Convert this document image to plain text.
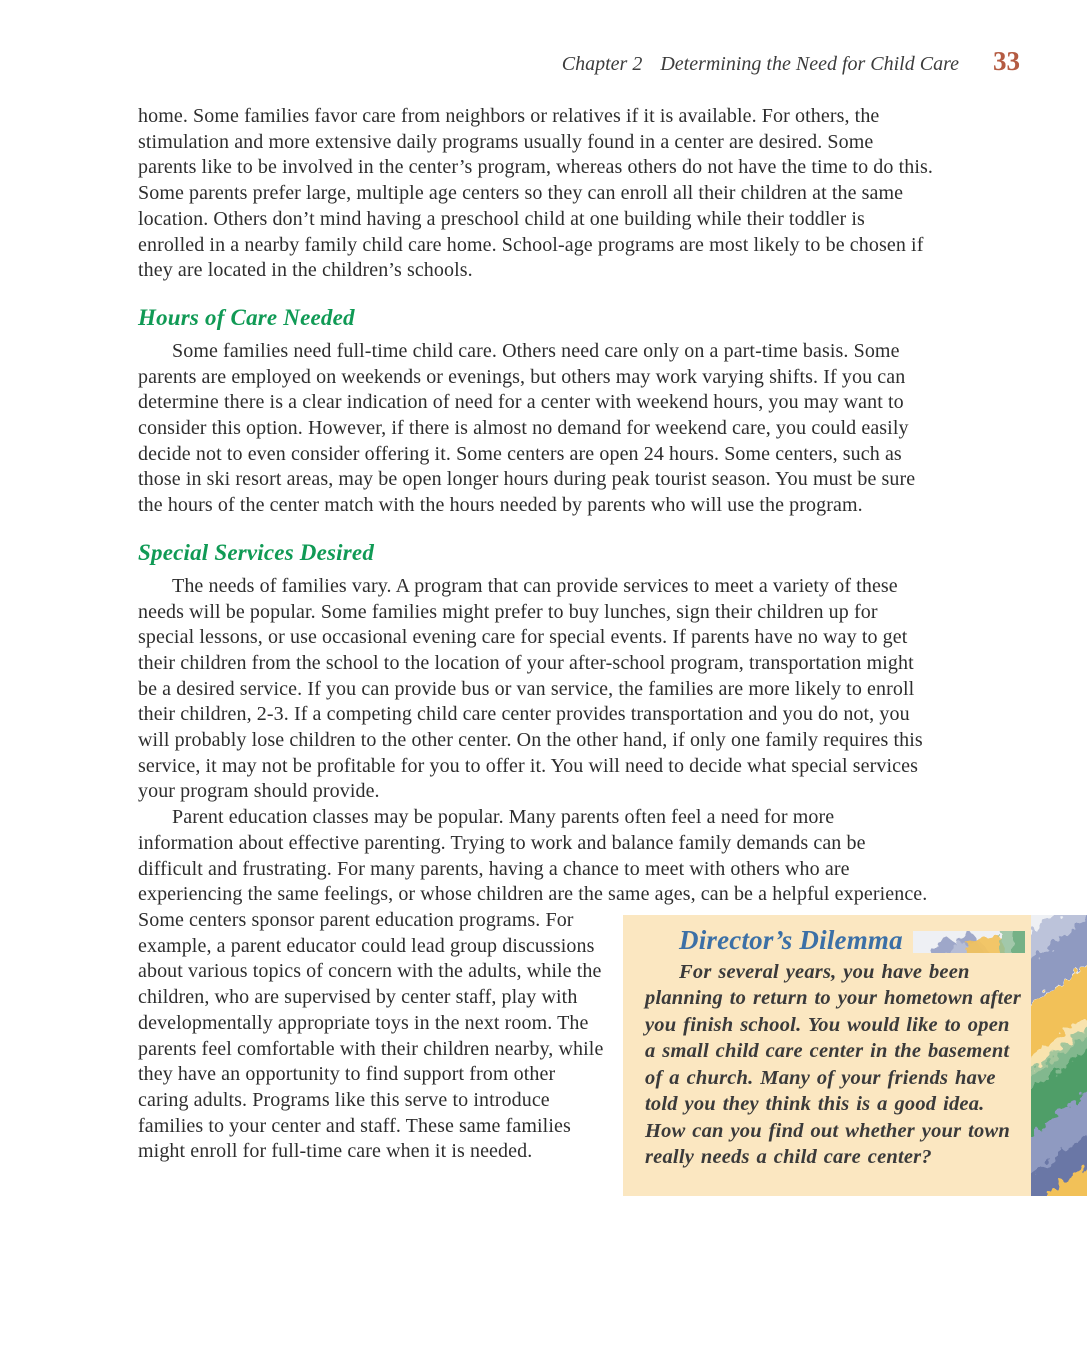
Chapter 2 Determining the Need for Child Care 33

home. Some families favor care from neighbors or relatives if it is available. For others, the stimulation and more extensive daily programs usually found in a center are desired. Some parents like to be involved in the center’s program, whereas others do not have the time to do this. Some parents prefer large, multiple age centers so they can enroll all their children at the same location. Others don’t mind having a preschool child at one building while their toddler is enrolled in a nearby family child care home. School-age programs are most likely to be chosen if they are located in the children’s schools.

Hours of Care Needed

Some families need full-time child care. Others need care only on a part-time basis. Some parents are employed on weekends or evenings, but others may work varying shifts. If you can determine there is a clear indication of need for a center with weekend hours, you may want to consider this option. However, if there is almost no demand for weekend care, you could easily decide not to even consider offering it. Some centers are open 24 hours. Some centers, such as those in ski resort areas, may be open longer hours during peak tourist season. You must be sure the hours of the center match with the hours needed by parents who will use the program.

Special Services Desired

The needs of families vary. A program that can provide services to meet a variety of these needs will be popular. Some families might prefer to buy lunches, sign their children up for special lessons, or use occasional evening care for special events. If parents have no way to get their children from the school to the location of your after-school program, transportation might be a desired service. If you can provide bus or van service, the families are more likely to enroll their children, 2-3. If a competing child care center provides transportation and you do not, you will probably lose children to the other center. On the other hand, if only one family requires this service, it may not be profitable for you to offer it. You will need to decide what special services your program should provide.

Parent education classes may be popular. Many parents often feel a need for more information about effective parenting. Trying to work and balance family demands can be difficult and frustrating. For many parents, having a chance to meet with others who are experiencing the same feelings, or whose children are the same ages, can be a
Director’s Dilemma
For several years, you have been planning to return to your hometown after you finish school. You would like to open a small child care center in the basement of a church. Many of your friends have told you they think this is a good idea. How can you find out whether your town really needs a child care center?
helpful experience. Some centers sponsor parent education programs. For example, a parent educator could lead group discussions about various topics of concern with the adults, while the children, who are supervised by center staff, play with developmentally appropriate toys in the next room. The parents feel comfortable with their children nearby, while they have an opportunity to find support from other caring adults. Programs like this serve to introduce families to your center and staff. These same families might enroll for full-time care when it is needed.
